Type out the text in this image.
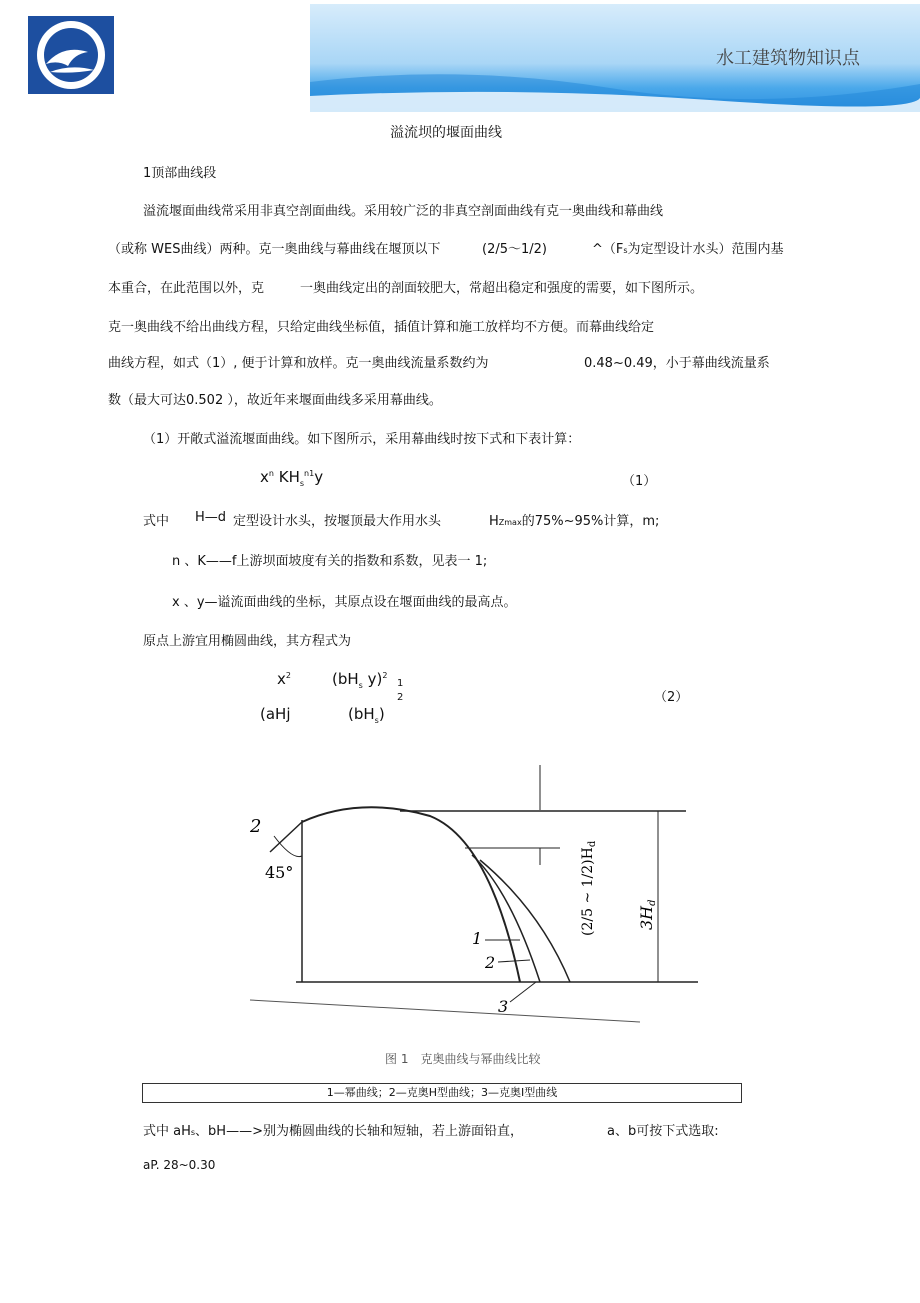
水工建筑物知识点
溢流坝的堰面曲线
1顶部曲线段
溢流堰面曲线常采用非真空剖面曲线。采用较广泛的非真空剖面曲线有克一奥曲线和幕曲线
（或称 WES曲线）两种。克一奥曲线与幕曲线在堰顶以下	(2/5～1/2)	^（Fs为定型设计水头）范围内基
本重合，在此范围以外，克	一奥曲线定出的剖面较肥大，常超出稳定和强度的需要，如下图所示。
克一奥曲线不给出曲线方程，只给定曲线坐标值，插值计算和施工放样均不方便。而幕曲线给定
曲线方程，如式（1）, 便于计算和放样。克一奥曲线流量系数约为	0.48~0.49，小于幕曲线流量系
数（最大可达0.502 ），故近年来堰面曲线多采用幕曲线。
（1）开敞式溢流堰面曲线。如下图所示，采用幕曲线时按下式和下表计算：
$x^n$ $KH_s^{n1}y$	（1）
式中 H—d 定型设计水头，按堰顶最大作用水头	HZmax的75%~95%计算，m;
n 、K——f上游坝面坡度有关的指数和系数，见表一 1;
x 、y—谥流面曲线的坐标，其原点设在堰面曲线的最高点。
原点上游宜用椭圆曲线，其方程式为
$x^2$	($bH_s$ y)$^2$
1
2
(aHj	$(bH_s)$
（2）
2
45°
1
2
3
(2/5 ~ $1/2)H_d$
3Hd
图 1　克奥曲线与幂曲线比较
1—幂曲线；2—克奥H型曲线；3—克奥I型曲线
式中 aHs、bH——>别为椭圆曲线的长轴和短轴，若上游面铅直，	a、b可按下式选取:
aP. 28~0.30
